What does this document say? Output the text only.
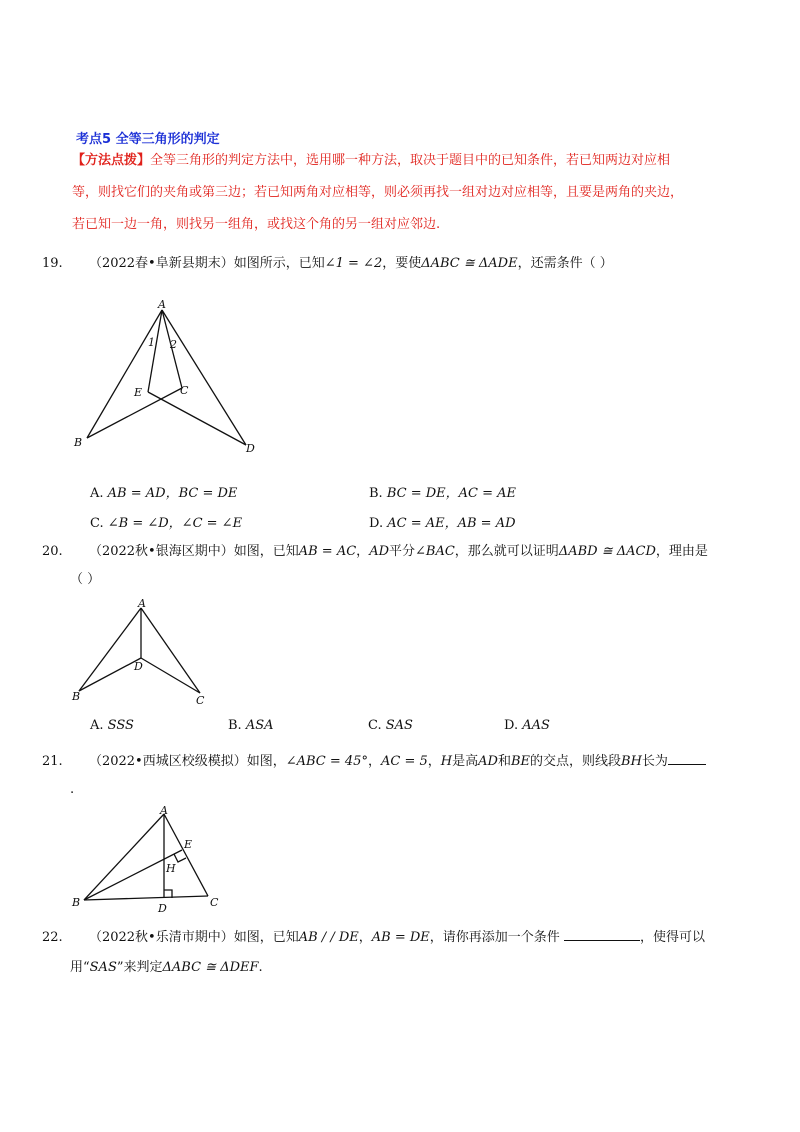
考点5 全等三角形的判定
【方法点拨】全等三角形的判定方法中，选用哪一种方法，取决于题目中的已知条件，若已知两边对应相
等，则找它们的夹角或第三边；若已知两角对应相等，则必须再找一组对边对应相等，且要是两角的夹边，
若已知一边一角，则找另一组角，或找这个角的另一组对应邻边.
19. （2022春•阜新县期末）如图所示，已知∠1 = ∠2，要使ΔABC ≅ ΔADE，还需条件（ ）
A
1 2
E	C
B	D
A. AB = AD，BC = DE	B. BC = DE，AC = AE
C. ∠B = ∠D，∠C = ∠E	D. AC = AE，AB = AD
20. （2022秋•银海区期中）如图，已知AB = AC，AD平分∠BAC，那么就可以证明ΔABD ≅ ΔACD，理由是
（ ）
A
D
B	C
A. SSS	B. ASA	C. SAS	D. AAS
21. （2022•西城区校级模拟）如图，∠ABC = 45°，AC = 5，H是高AD和BE的交点，则线段BH长为
.
A
E
H
B	D	C
22. （2022秋•乐清市期中）如图，已知AB / / DE，AB = DE，请你再添加一个条件	，使得可以
用“SAS”来判定ΔABC ≅ ΔDEF.
